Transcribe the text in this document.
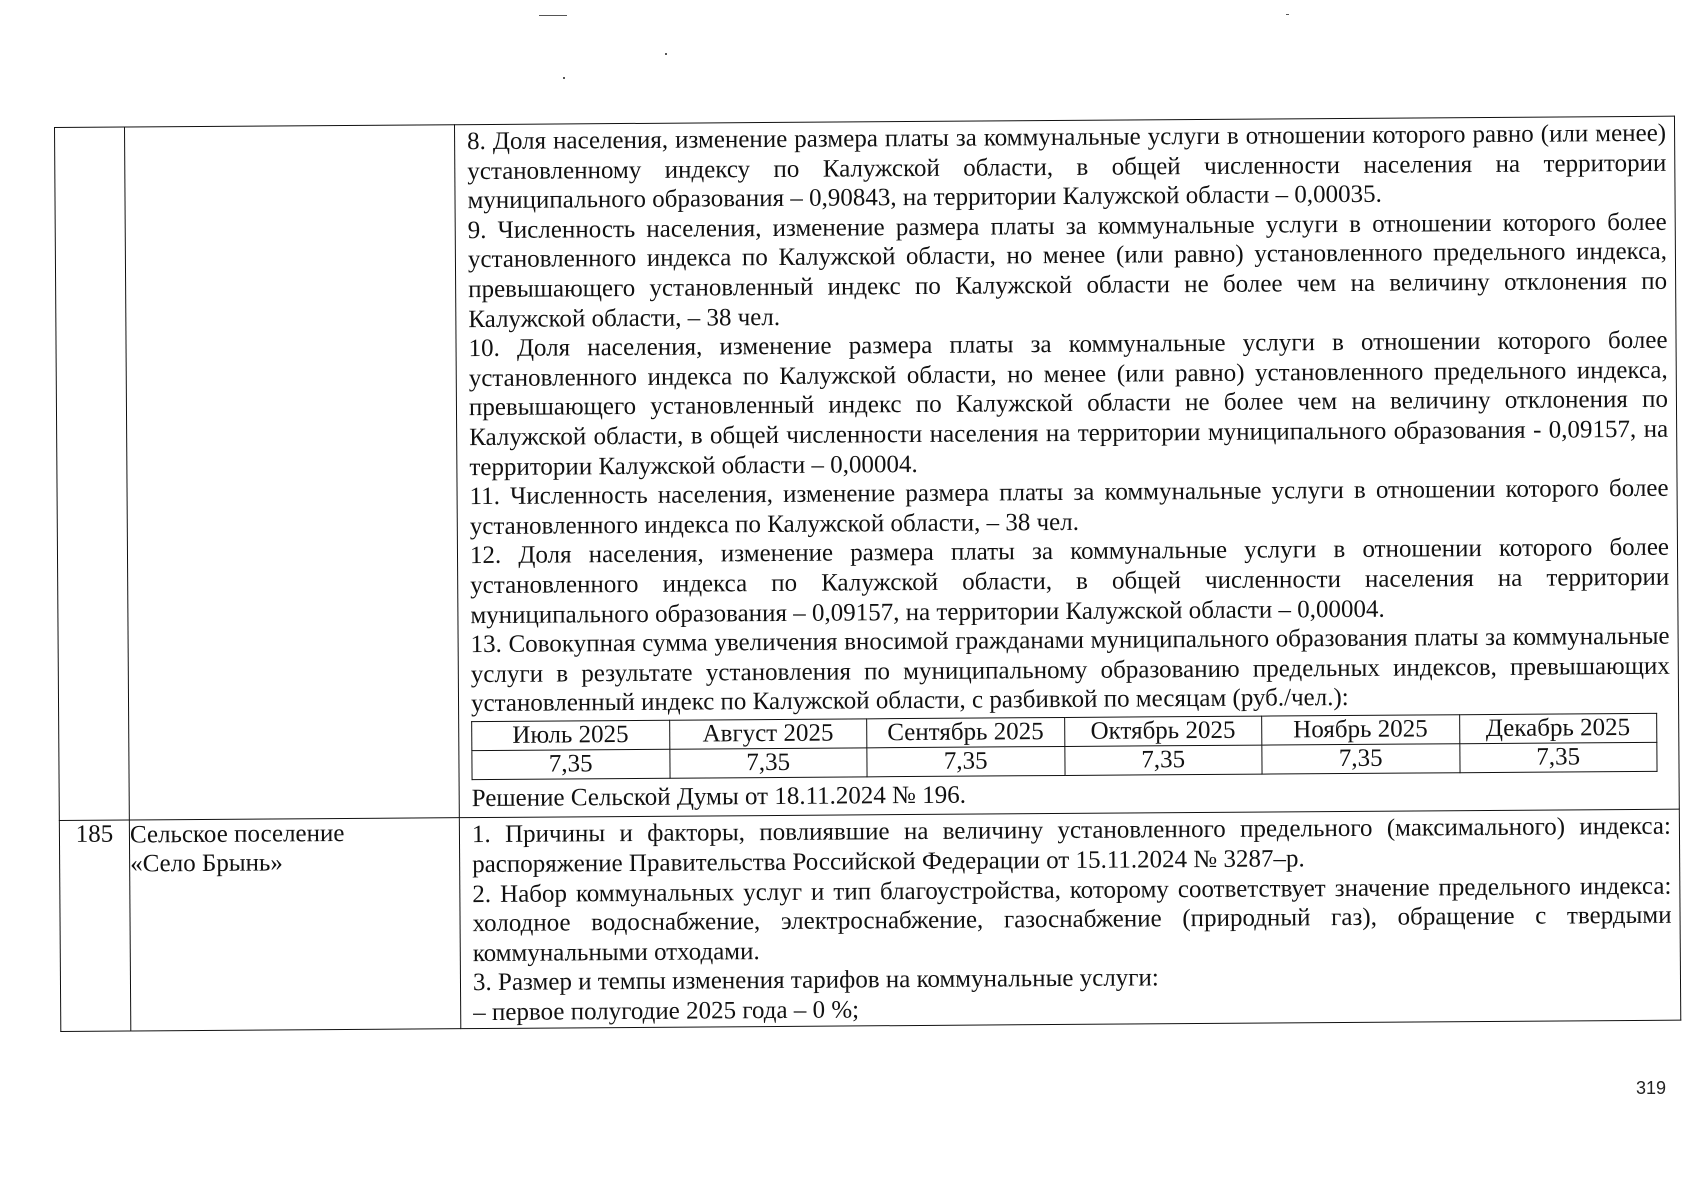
8. Доля населения, изменение размера платы за коммунальные услуги в отношении которого равно (или менее) установленному индексу по Калужской области, в общей численности населения на территории муниципального образования – 0,90843, на территории Калужской области – 0,00035.

9. Численность населения, изменение размера платы за коммунальные услуги в отношении которого более установленного индекса по Калужской области, но менее (или равно) установленного предельного индекса, превышающего установленный индекс по Калужской области не более чем на величину отклонения по Калужской области, – 38 чел.

10. Доля населения, изменение размера платы за коммунальные услуги в отношении которого более установленного индекса по Калужской области, но менее (или равно) установленного предельного индекса, превышающего установленный индекс по Калужской области не более чем на величину отклонения по Калужской области, в общей численности населения на территории муниципального образования - 0,09157, на территории Калужской области – 0,00004.

11. Численность населения, изменение размера платы за коммунальные услуги в отношении которого более установленного индекса по Калужской области, – 38 чел.

12. Доля населения, изменение размера платы за коммунальные услуги в отношении которого более установленного индекса по Калужской области, в общей численности населения на территории муниципального образования – 0,09157, на территории Калужской области – 0,00004.

13. Совокупная сумма увеличения вносимой гражданами муниципального образования платы за коммунальные услуги в результате установления по муниципальному образованию предельных индексов, превышающих установленный индекс по Калужской области, с разбивкой по месяцам (руб./чел.):

Июль 2025	Август 2025	Сентябрь 2025	Октябрь 2025	Ноябрь 2025	Декабрь 2025
7,35	7,35	7,35	7,35	7,35	7,35

Решение Сельской Думы от 18.11.2024 № 196.

185	Сельское поселение
«Село Брынь»

1. Причины и факторы, повлиявшие на величину установленного предельного (максимального) индекса: распоряжение Правительства Российской Федерации от 15.11.2024 № 3287–р.

2. Набор коммунальных услуг и тип благоустройства, которому соответствует значение предельного индекса: холодное водоснабжение, электроснабжение, газоснабжение (природный газ), обращение с твердыми коммунальными отходами.

3. Размер и темпы изменения тарифов на коммунальные услуги:

– первое полугодие 2025 года – 0 %;

319
